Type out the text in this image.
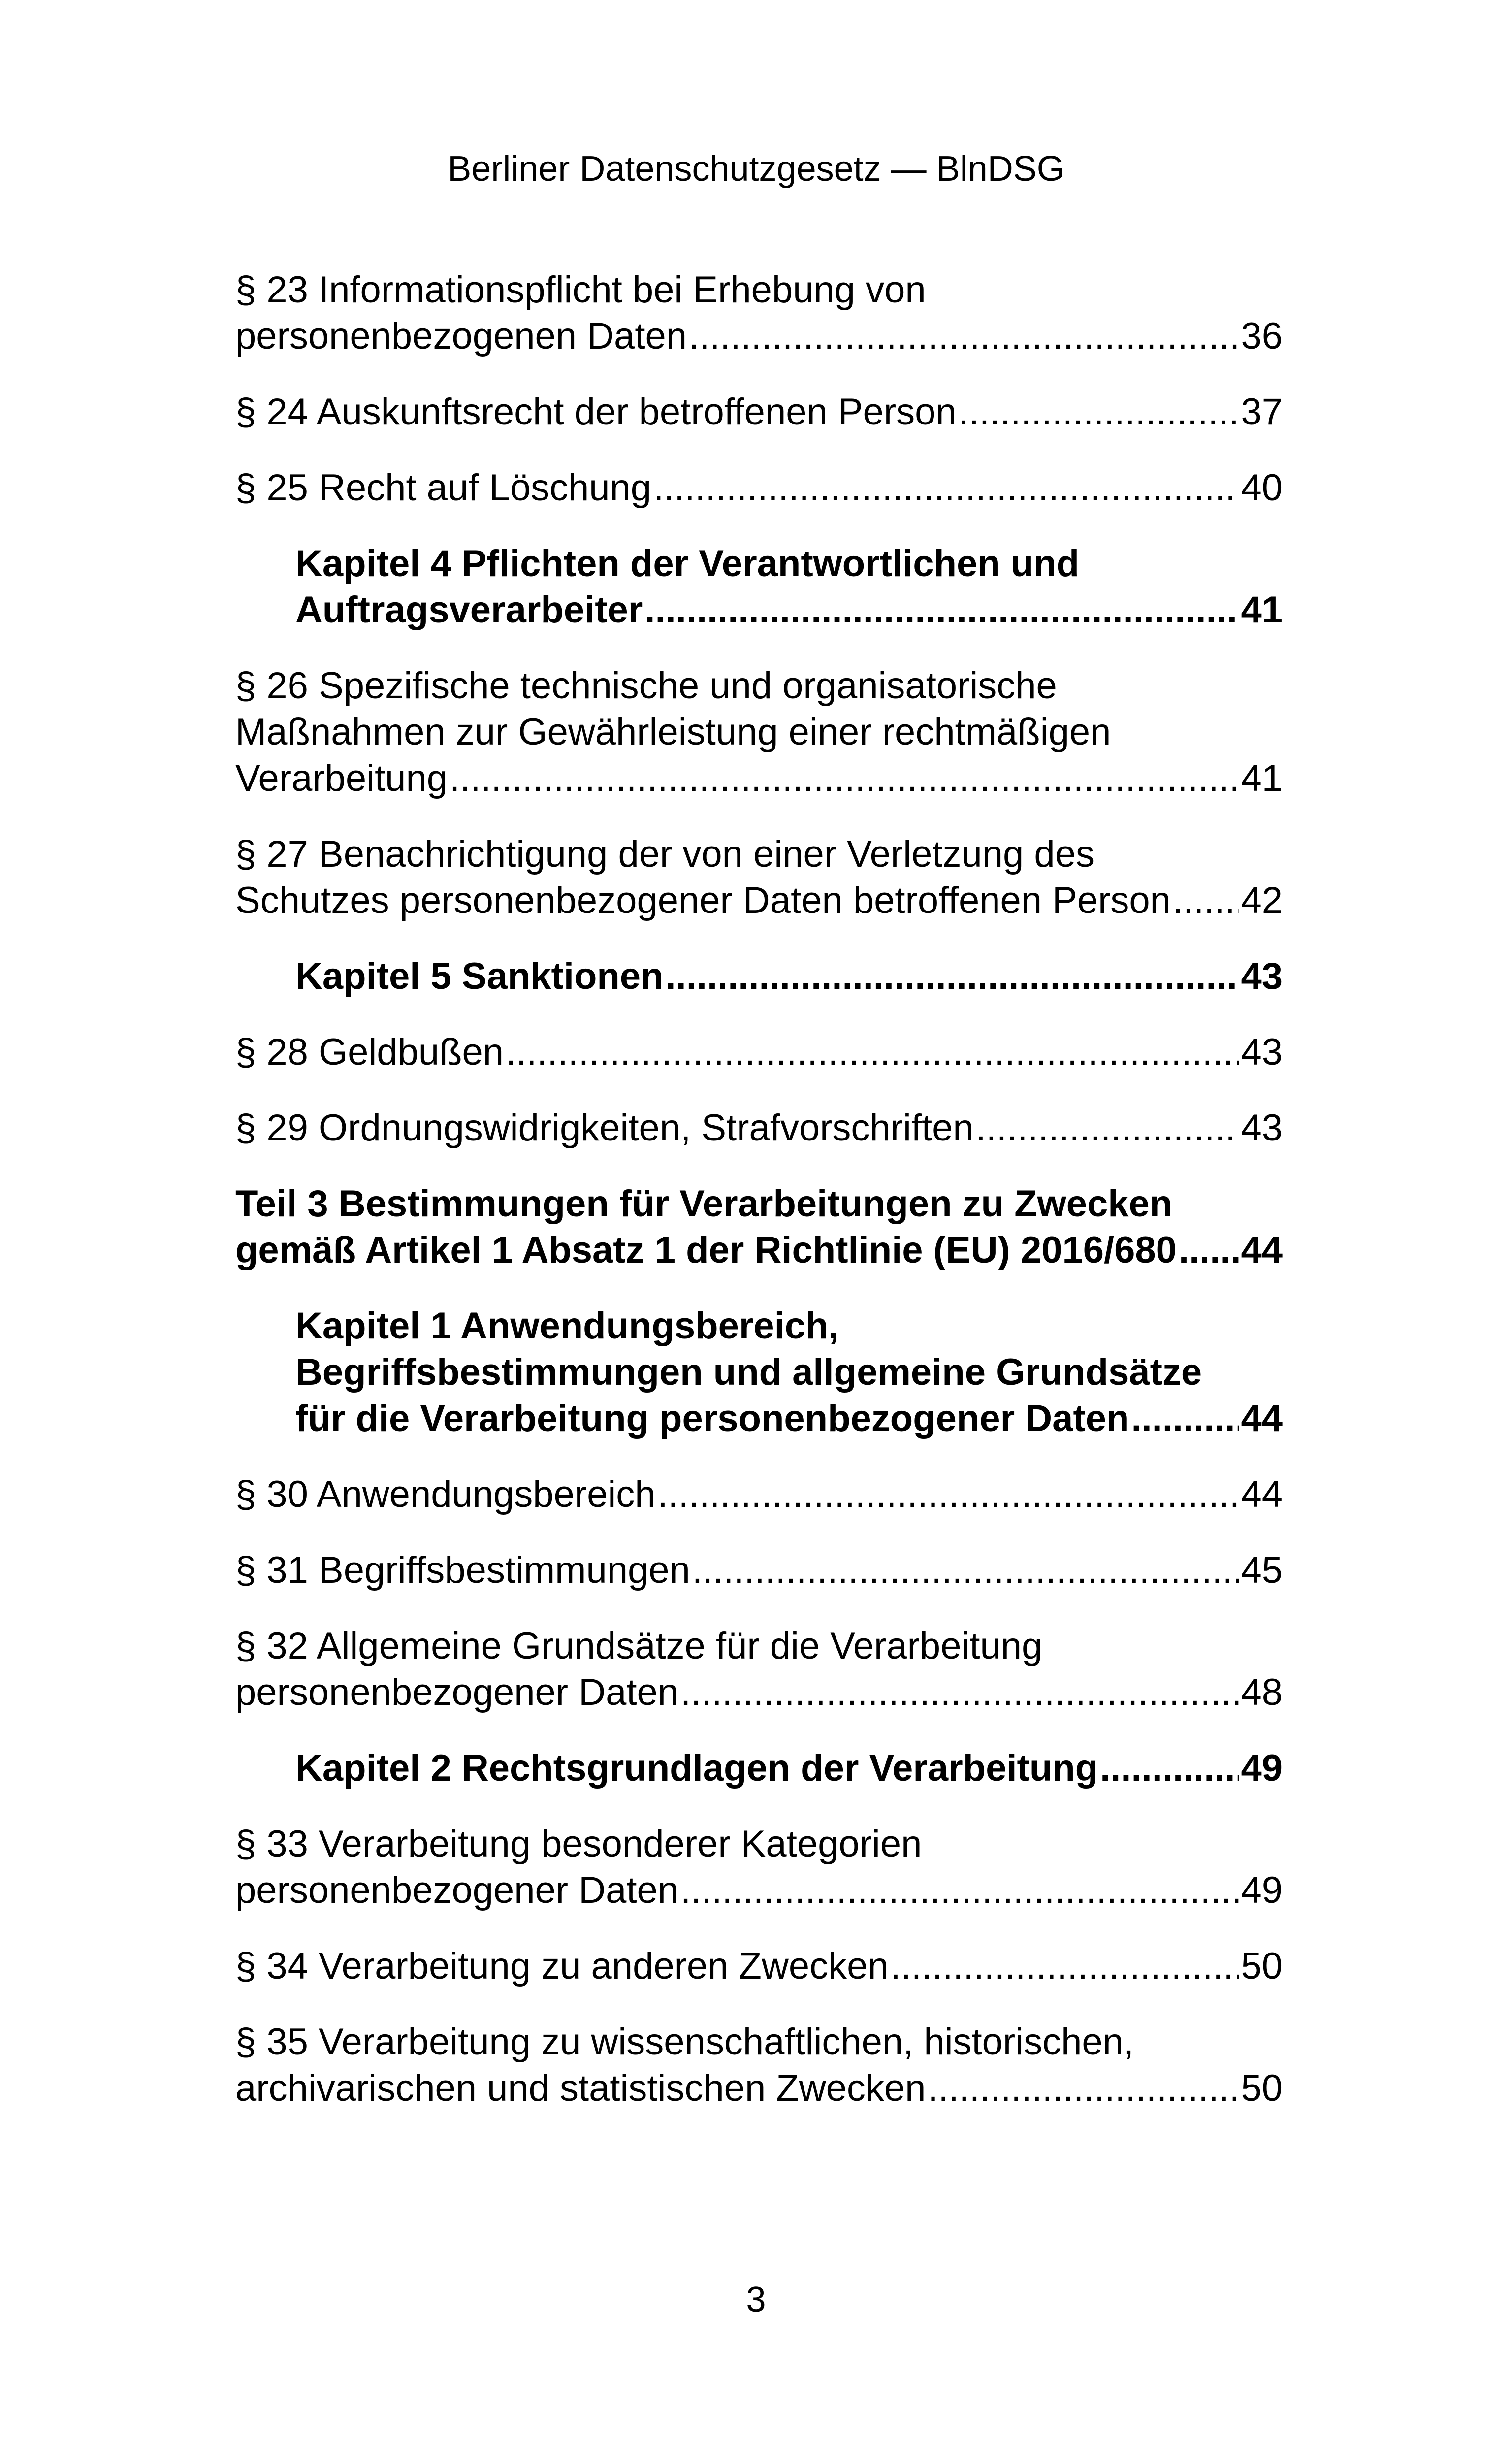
Berliner Datenschutzgesetz — BlnDSG
§ 23 Informationspflicht bei Erhebung von
personenbezogenen Daten .....	36
§ 24 Auskunftsrecht der betroffenen Person .....	37
§ 25 Recht auf Löschung .....	40
Kapitel 4 Pflichten der Verantwortlichen und
Auftragsverarbeiter .....	41
§ 26 Spezifische technische und organisatorische
Maßnahmen zur Gewährleistung einer rechtmäßigen
Verarbeitung .....	41
§ 27 Benachrichtigung der von einer Verletzung des
Schutzes personenbezogener Daten betroffenen Person ..... 42
Kapitel 5 Sanktionen .....	43
§ 28 Geldbußen .....	43
§ 29 Ordnungswidrigkeiten, Strafvorschriften .....	43
Teil 3 Bestimmungen für Verarbeitungen zu Zwecken
gemäß Artikel 1 Absatz 1 der Richtlinie (EU) 2016/680 ..... 44
Kapitel 1 Anwendungsbereich,
Begriffsbestimmungen und allgemeine Grundsätze
für die Verarbeitung personenbezogener Daten .....	44
§ 30 Anwendungsbereich .....	44
§ 31 Begriffsbestimmungen .....	45
§ 32 Allgemeine Grundsätze für die Verarbeitung
personenbezogener Daten .....	48
Kapitel 2 Rechtsgrundlagen der Verarbeitung .....	49
§ 33 Verarbeitung besonderer Kategorien
personenbezogener Daten .....	49
§ 34 Verarbeitung zu anderen Zwecken .....	50
§ 35 Verarbeitung zu wissenschaftlichen, historischen,
archivarischen und statistischen Zwecken .....	50
3
